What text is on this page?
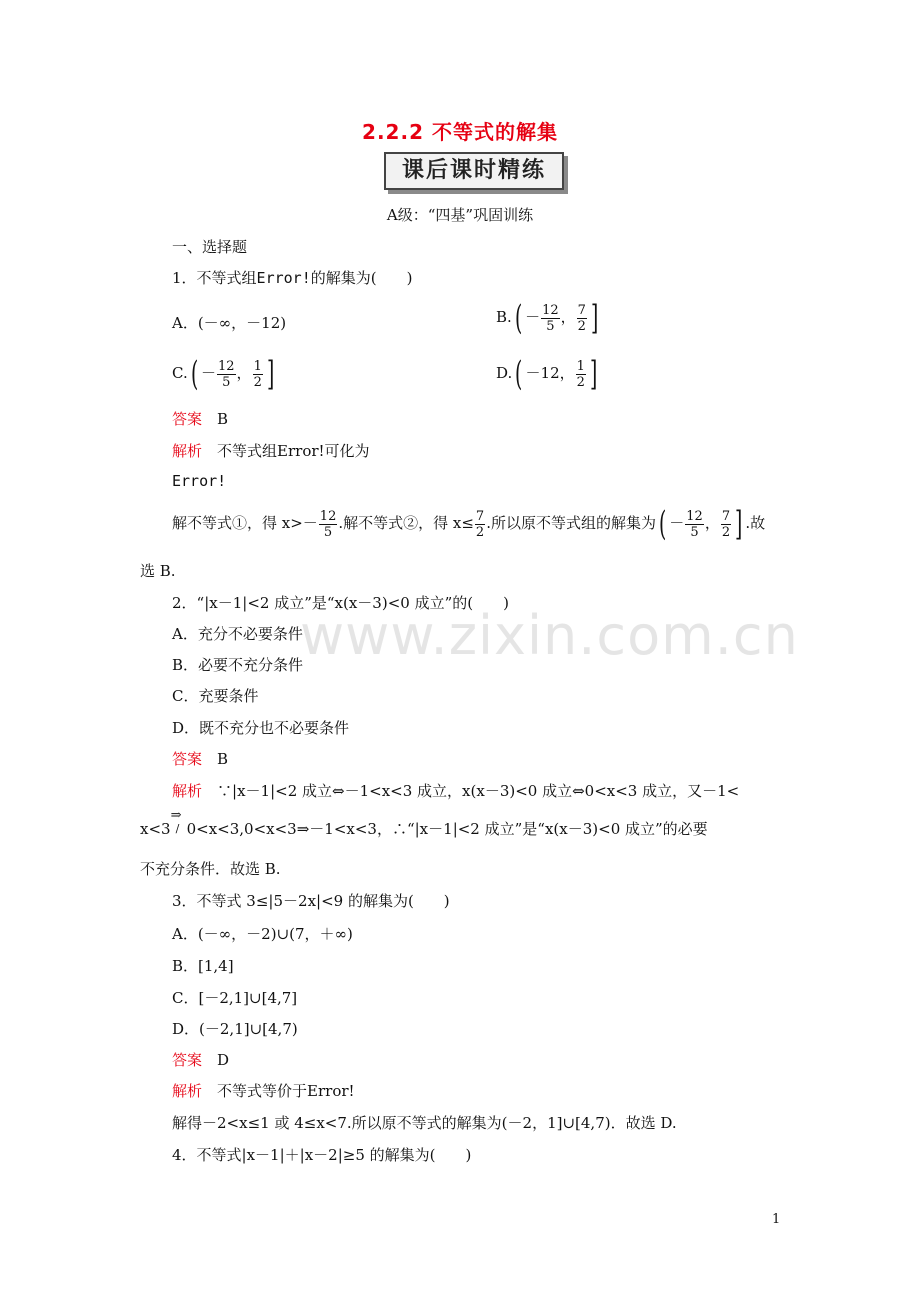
2.2.2 不等式的解集
课后课时精练
A级：“四基”巩固训练
一、选择题
1．不等式组Error!的解集为(　　)
A．(－∞，－12)	$B.( - \frac{12}{5}$ ， $\frac{7}{2}$ ]
$C.( - \frac{12}{5}$ ， $\frac{1}{2}$ ]	D.( －12， $\frac{1}{2}$ ]
答案　 B
解析　 不等式组Error!可化为
Error!
解不等式①，得 $x>- \frac{12}{5}$ .解不等式②，得 $x\le \frac{7}{2}$ .所以原不等式组的解集为( － $\frac{12}{5}$ ， $\frac{7}{2}$ ] .故
选 B.
www.zixin.com.cn
2．“|x－1|<2 成立”是“x(x－3)<0 成立”的(　　)
A．充分不必要条件
B．必要不充分条件
C．充要条件
D．既不充分也不必要条件
答案　 B
解析　 ∵|x－1|<2 成立⇔－1<x<3 成立，x(x－3)<0 成立⇔0<x<3 成立，又－1<
x<3
⇒
/ 0<x<3,0<x<3⇒－1<x<3，∴“|x－1|<2 成立”是“x(x－3)<0 成立”的必要
不充分条件．故选 B.
3．不等式 3≤|5－2x|<9 的解集为(　　)
A．(－∞，－2)∪(7，＋∞)
B．[1,4]
C．[－2,1]∪[4,7]
D．(－2,1]∪[4,7)
答案　 D
解析　 不等式等价于Error!
解得－2<x≤1 或 4≤x<7.所以原不等式的解集为(－2，1]∪[4,7)．故选 D.
4．不等式|x－1|＋|x－2|≥5 的解集为(　　)
1
